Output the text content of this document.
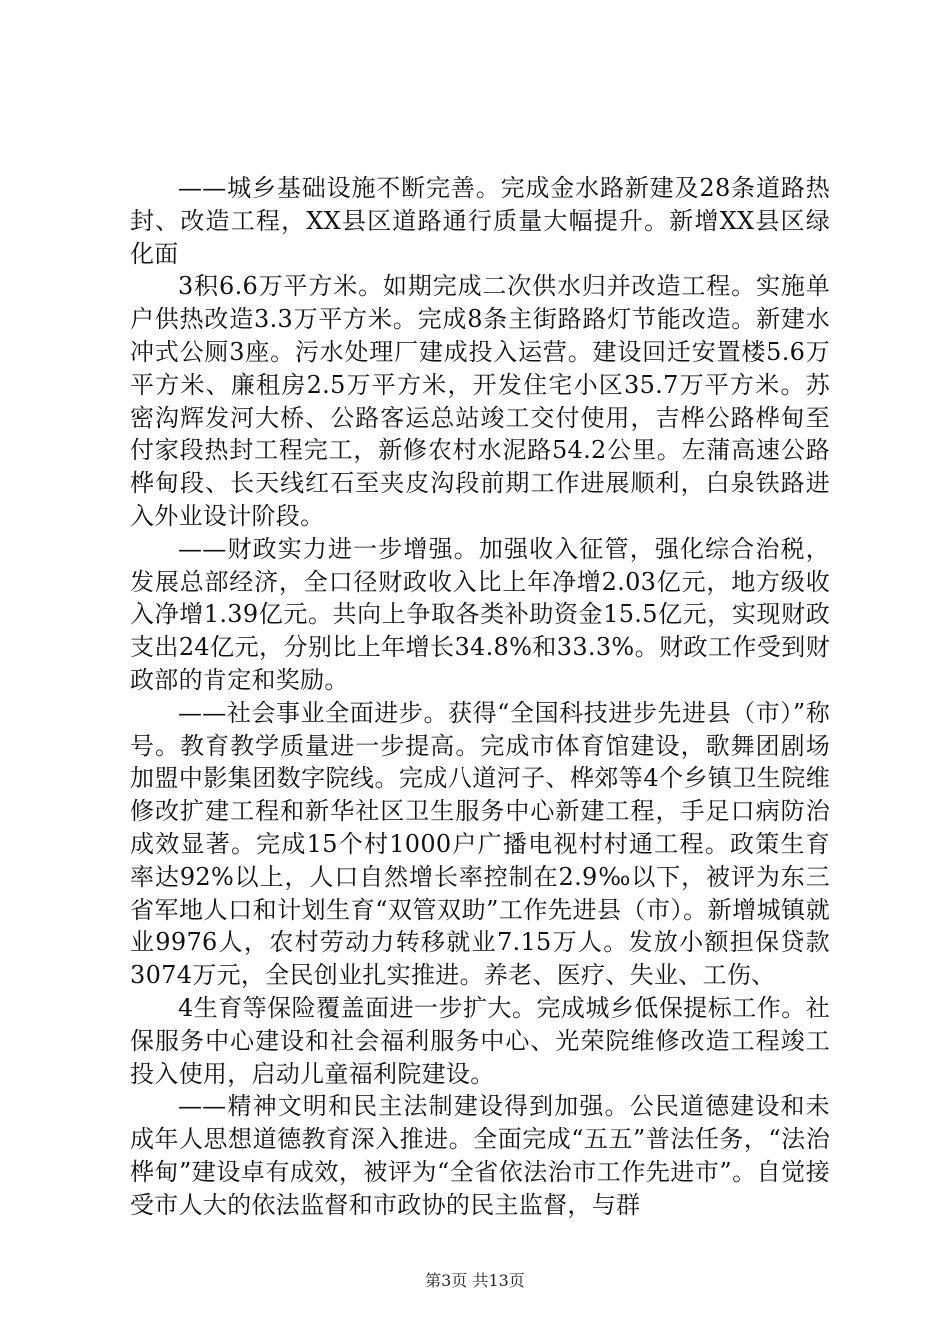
——城乡基础设施不断完善。完成金水路新建及28条道路热封、改造工程，XX县区道路通行质量大幅提升。新增XX县区绿化面

3积6.6万平方米。如期完成二次供水归并改造工程。实施单户供热改造3.3万平方米。完成8条主街路路灯节能改造。新建水冲式公厕3座。污水处理厂建成投入运营。建设回迁安置楼5.6万平方米、廉租房2.5万平方米，开发住宅小区35.7万平方米。苏密沟辉发河大桥、公路客运总站竣工交付使用，吉桦公路桦甸至付家段热封工程完工，新修农村水泥路54.2公里。左蒲高速公路桦甸段、长天线红石至夹皮沟段前期工作进展顺利，白泉铁路进入外业设计阶段。

——财政实力进一步增强。加强收入征管，强化综合治税，发展总部经济，全口径财政收入比上年净增2.03亿元，地方级收入净增1.39亿元。共向上争取各类补助资金15.5亿元，实现财政支出24亿元，分别比上年增长34.8%和33.3%。财政工作受到财政部的肯定和奖励。

——社会事业全面进步。获得“全国科技进步先进县（市）”称号。教育教学质量进一步提高。完成市体育馆建设，歌舞团剧场加盟中影集团数字院线。完成八道河子、桦郊等4个乡镇卫生院维修改扩建工程和新华社区卫生服务中心新建工程，手足口病防治成效显著。完成15个村1000户广播电视村村通工程。政策生育率达92%以上，人口自然增长率控制在2.9‰以下，被评为东三省军地人口和计划生育“双管双助”工作先进县（市）。新增城镇就业9976人，农村劳动力转移就业7.15万人。发放小额担保贷款3074万元，全民创业扎实推进。养老、医疗、失业、工伤、

4生育等保险覆盖面进一步扩大。完成城乡低保提标工作。社保服务中心建设和社会福利服务中心、光荣院维修改造工程竣工投入使用，启动儿童福利院建设。

——精神文明和民主法制建设得到加强。公民道德建设和未成年人思想道德教育深入推进。全面完成“五五”普法任务，“法治桦甸”建设卓有成效，被评为“全省依法治市工作先进市”。自觉接受市人大的依法监督和市政协的民主监督，与群

第3页 共13页
